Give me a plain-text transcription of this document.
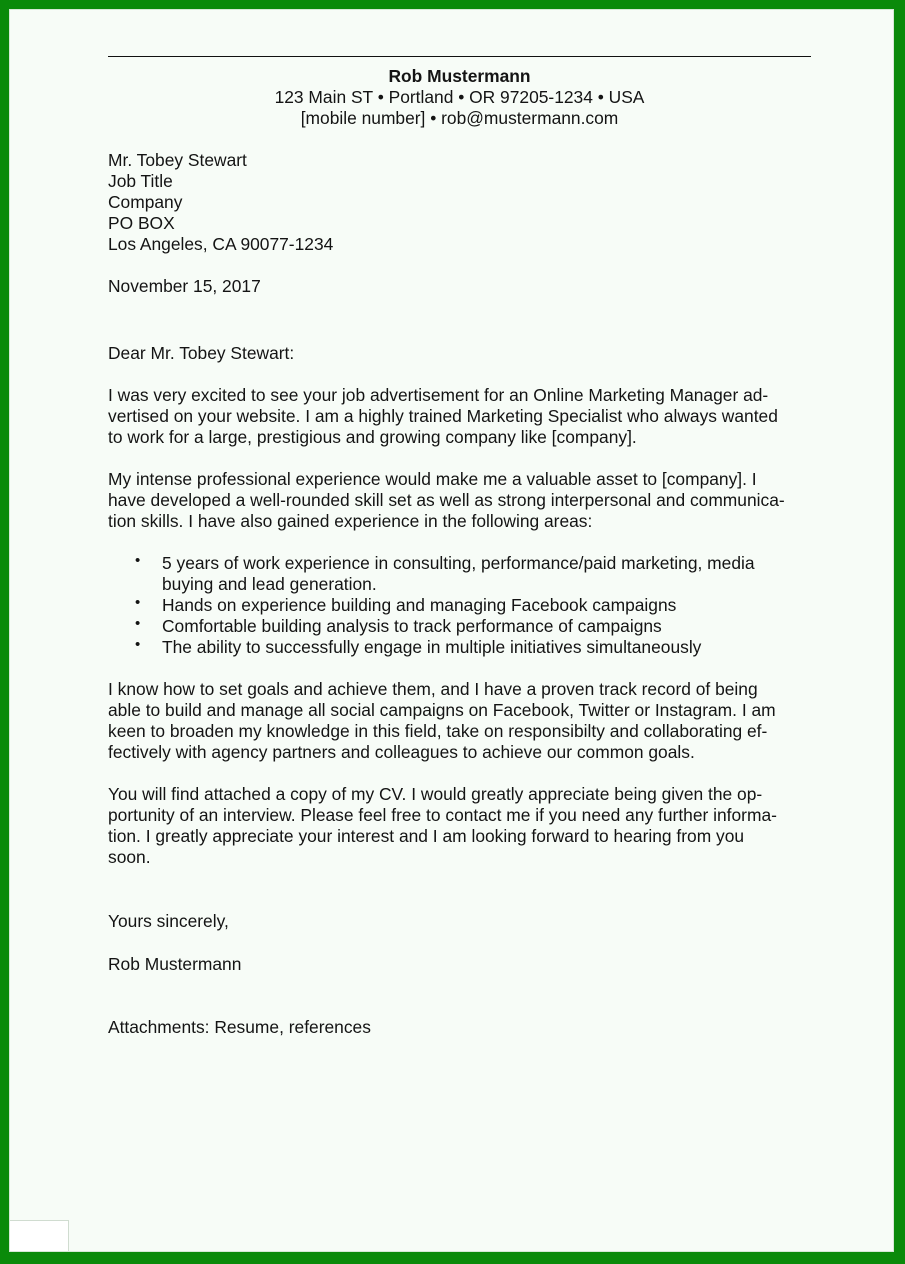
Rob Mustermann
123 Main ST • Portland • OR 97205-1234 • USA
[mobile number] • rob@mustermann.com
Mr. Tobey Stewart
Job Title
Company
PO BOX
Los Angeles, CA 90077-1234
November 15, 2017
Dear Mr. Tobey Stewart:
I was very excited to see your job advertisement for an Online Marketing Manager ad-
vertised on your website. I am a highly trained Marketing Specialist who always wanted
to work for a large, prestigious and growing company like [company].
My intense professional experience would make me a valuable asset to [company]. I
have developed a well-rounded skill set as well as strong interpersonal and communica-
tion skills. I have also gained experience in the following areas:
• 5 years of work experience in consulting, performance/paid marketing, media
buying and lead generation.
• Hands on experience building and managing Facebook campaigns
• Comfortable building analysis to track performance of campaigns
• The ability to successfully engage in multiple initiatives simultaneously
I know how to set goals and achieve them, and I have a proven track record of being
able to build and manage all social campaigns on Facebook, Twitter or Instagram. I am
keen to broaden my knowledge in this field, take on responsibilty and collaborating ef-
fectively with agency partners and colleagues to achieve our common goals.
You will find attached a copy of my CV. I would greatly appreciate being given the op-
portunity of an interview. Please feel free to contact me if you need any further informa-
tion. I greatly appreciate your interest and I am looking forward to hearing from you
soon.
Yours sincerely,
Rob Mustermann
Attachments: Resume, references
